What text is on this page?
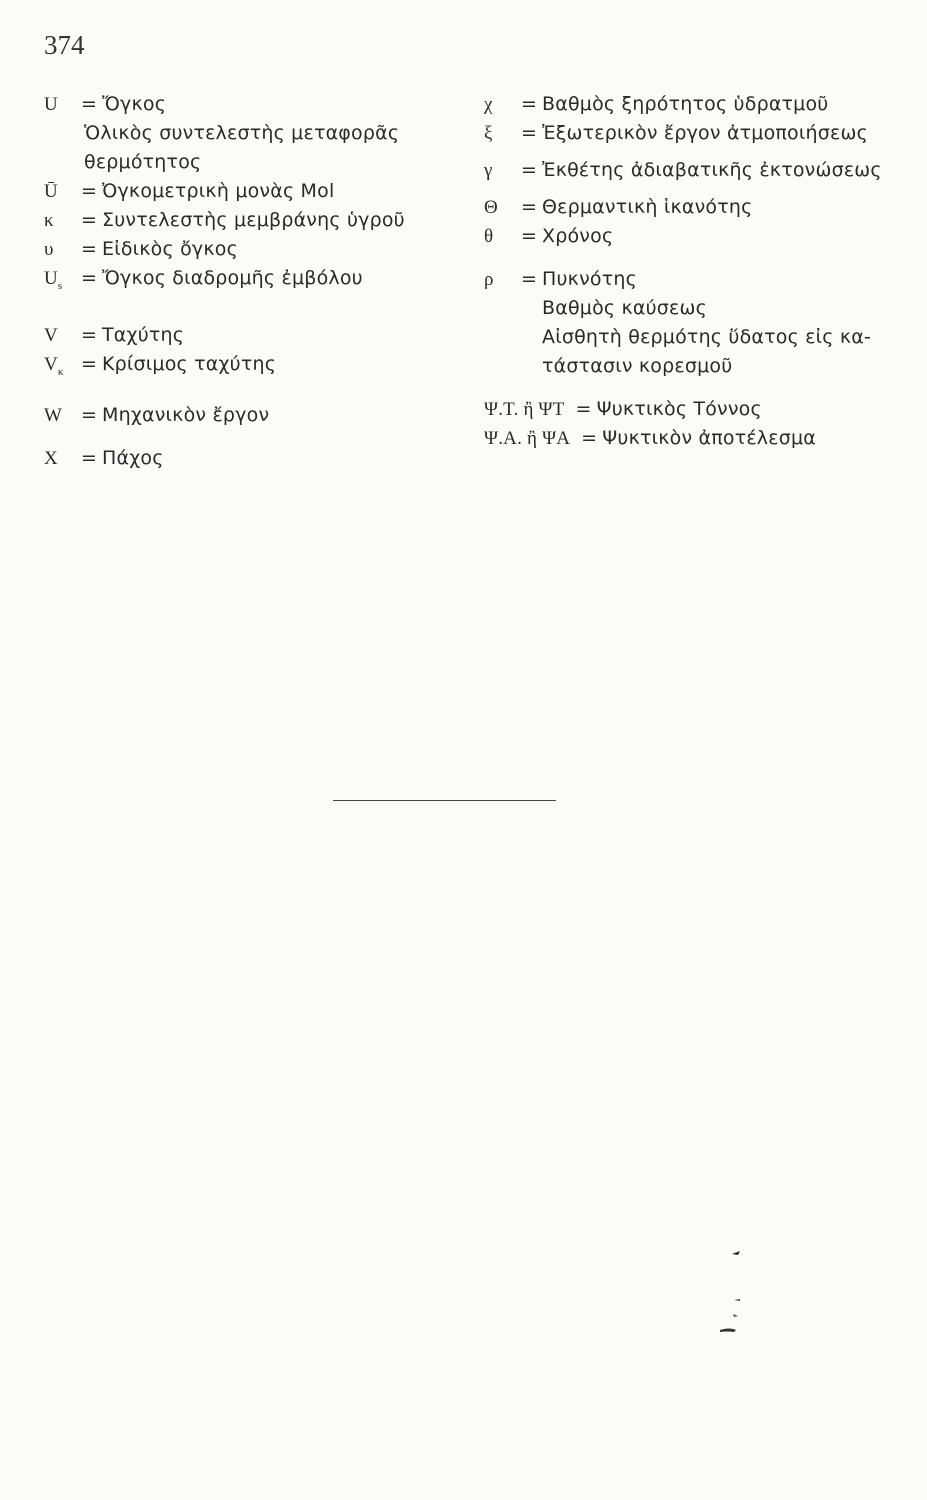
374
U	= Ὄγκος
Ὁλικὸς συντελεστὴς μεταφορᾶς
θερμότητος
Ū	= Ὀγκομετρικὴ μονὰς Mol
κ	= Συντελεστὴς μεμβράνης ὑγροῦ
υ	= Εἰδικὸς ὄγκος
$U_s$ = Ὄγκος διαδρομῆς ἐμβόλου
V	= Ταχύτης
$V_\kappa = K\rho ί\sigma\iota\mu o\varsigma$ ταχύτης
W = Μηχανικὸν ἔργον
X	= Πάχος
χ	= Βαθμὸς ξηρότητος ὑδρατμοῦ
ξ	= Ἐξωτερικὸν ἔργον ἀτμοποιήσεως
γ	= Ἐκθέτης ἀδιαβατικῆς ἐκτονώσεως
Θ	= Θερμαντικὴ ἱκανότης
θ	= Χρόνος
ρ	= Πυκνότης
Βαθμὸς καύσεως
Αἰσθητὴ θερμότης ὕδατος εἰς κα-
τάστασιν κορεσμοῦ
Ψ.Τ. ἢ ΨΤ = Ψυκτικὸς Τόννος
Ψ.Α. ἢ ΨΑ = Ψυκτικὸν ἀποτέλεσμα
